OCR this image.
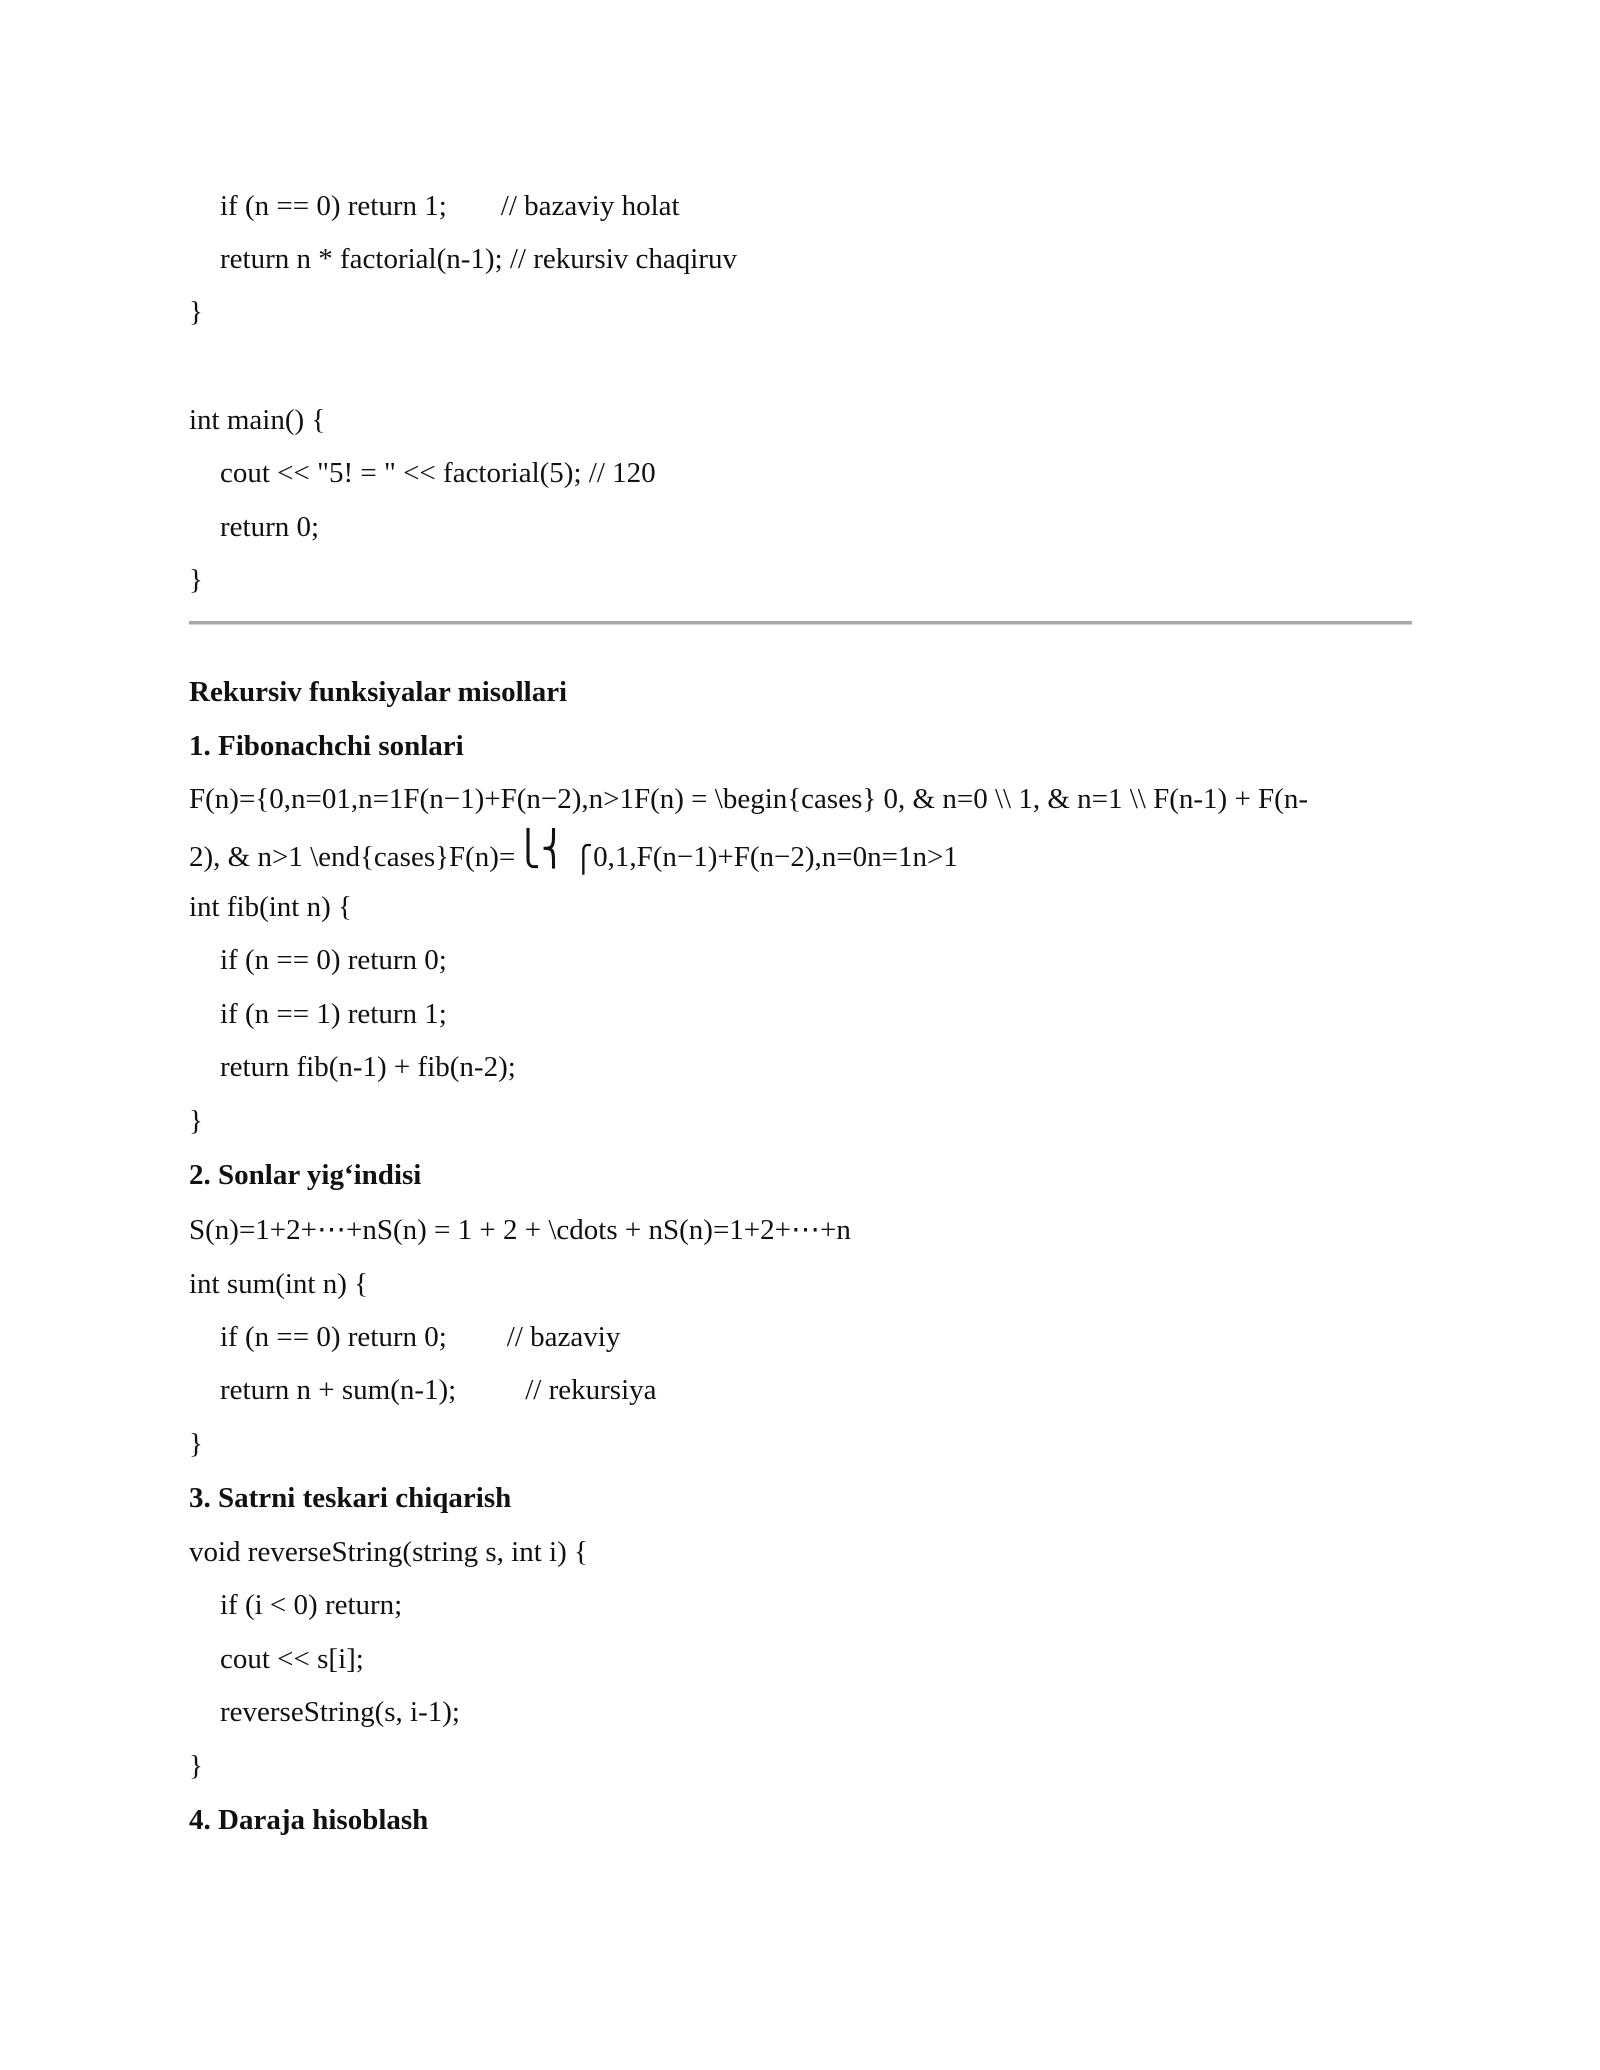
if (n == 0) return 1; // bazaviy holat
return n * factorial(n-1); // rekursiv chaqiruv
}
int main() {
cout << "5! = " << factorial(5); // 120
return 0;
}
Rekursiv funksiyalar misollari
1. Fibonachchi sonlari
F(n)={0,n=01,n=1F(n−1)+F(n−2),n>1F(n) = \begin{cases} 0, & n=0 \\ 1, & n=1 \\ F(n-1) + F(n-
2), & n>1 \end{cases}F(n)=⎩⎨ ⎧0,1,F(n−1)+F(n−2),n=0n=1n>1
int fib(int n) {
if (n == 0) return 0;
if (n == 1) return 1;
return fib(n-1) + fib(n-2);
}
2. Sonlar yig‘indisi
S(n)=1+2+⋯+nS(n) = 1 + 2 + \cdots + nS(n)=1+2+⋯+n
int sum(int n) {
if (n == 0) return 0; // bazaviy
return n + sum(n-1); // rekursiya
}
3. Satrni teskari chiqarish
void reverseString(string s, int i) {
if (i < 0) return;
cout << s[i];
reverseString(s, i-1);
}
4. Daraja hisoblash
